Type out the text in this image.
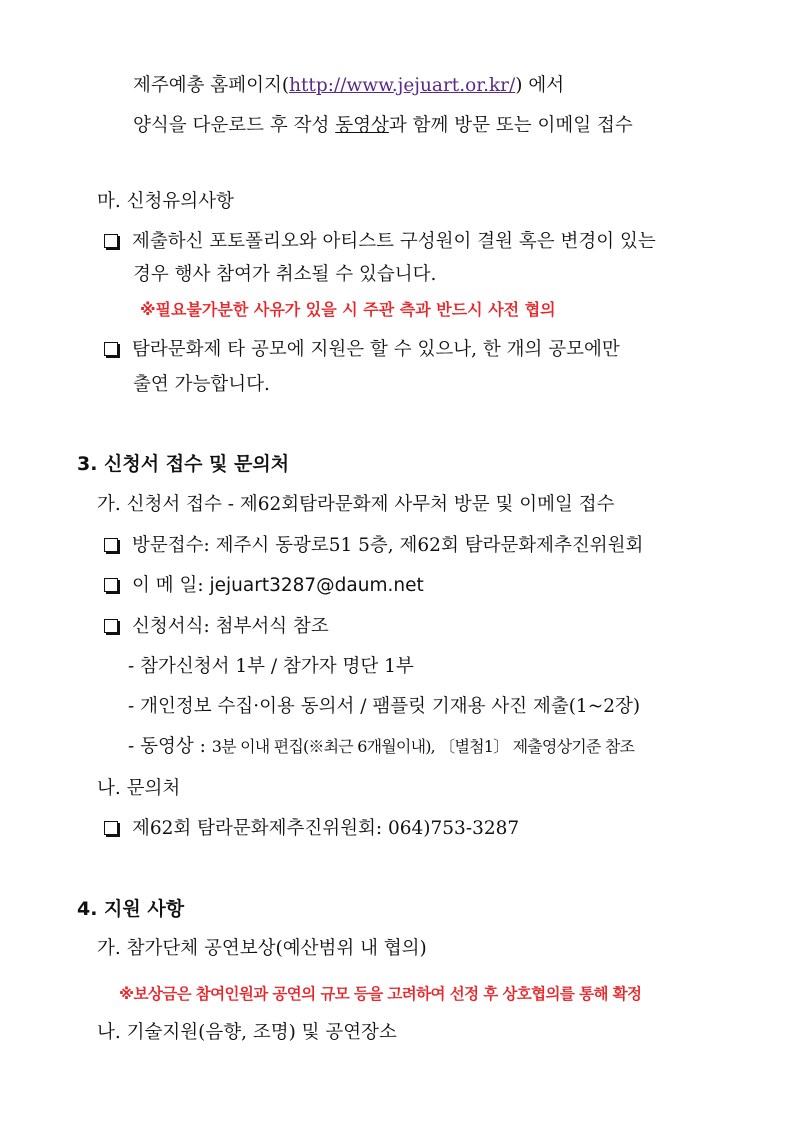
제주예총 홈페이지(http://www.jejuart.or.kr/) 에서
양식을 다운로드 후 작성 동영상과 함께 방문 또는 이메일 접수
마. 신청유의사항
제출하신 포토폴리오와 아티스트 구성원이 결원 혹은 변경이 있는
경우 행사 참여가 취소될 수 있습니다.
※필요불가분한 사유가 있을 시 주관 측과 반드시 사전 협의
탐라문화제 타 공모에 지원은 할 수 있으나, 한 개의 공모에만
출연 가능합니다.
3. 신청서 접수 및 문의처
가. 신청서 접수 - 제62회탐라문화제 사무처 방문 및 이메일 접수
방문접수: 제주시 동광로51 5층, 제62회 탐라문화제추진위원회
이 메 일: jejuart3287@daum.net
신청서식: 첨부서식 참조
- 참가신청서 1부 / 참가자 명단 1부
- 개인정보 수집·이용 동의서 / 팸플릿 기재용 사진 제출(1~2장)
- 동영상 : 3분 이내 편집(※최근 6개월이내), 〔별첨1〕 제출영상기준 참조
나. 문의처
제62회 탐라문화제추진위원회: 064)753-3287
4. 지원 사항
가. 참가단체 공연보상(예산범위 내 협의)
※보상금은 참여인원과 공연의 규모 등을 고려하여 선정 후 상호협의를 통해 확정
나. 기술지원(음향, 조명) 및 공연장소
